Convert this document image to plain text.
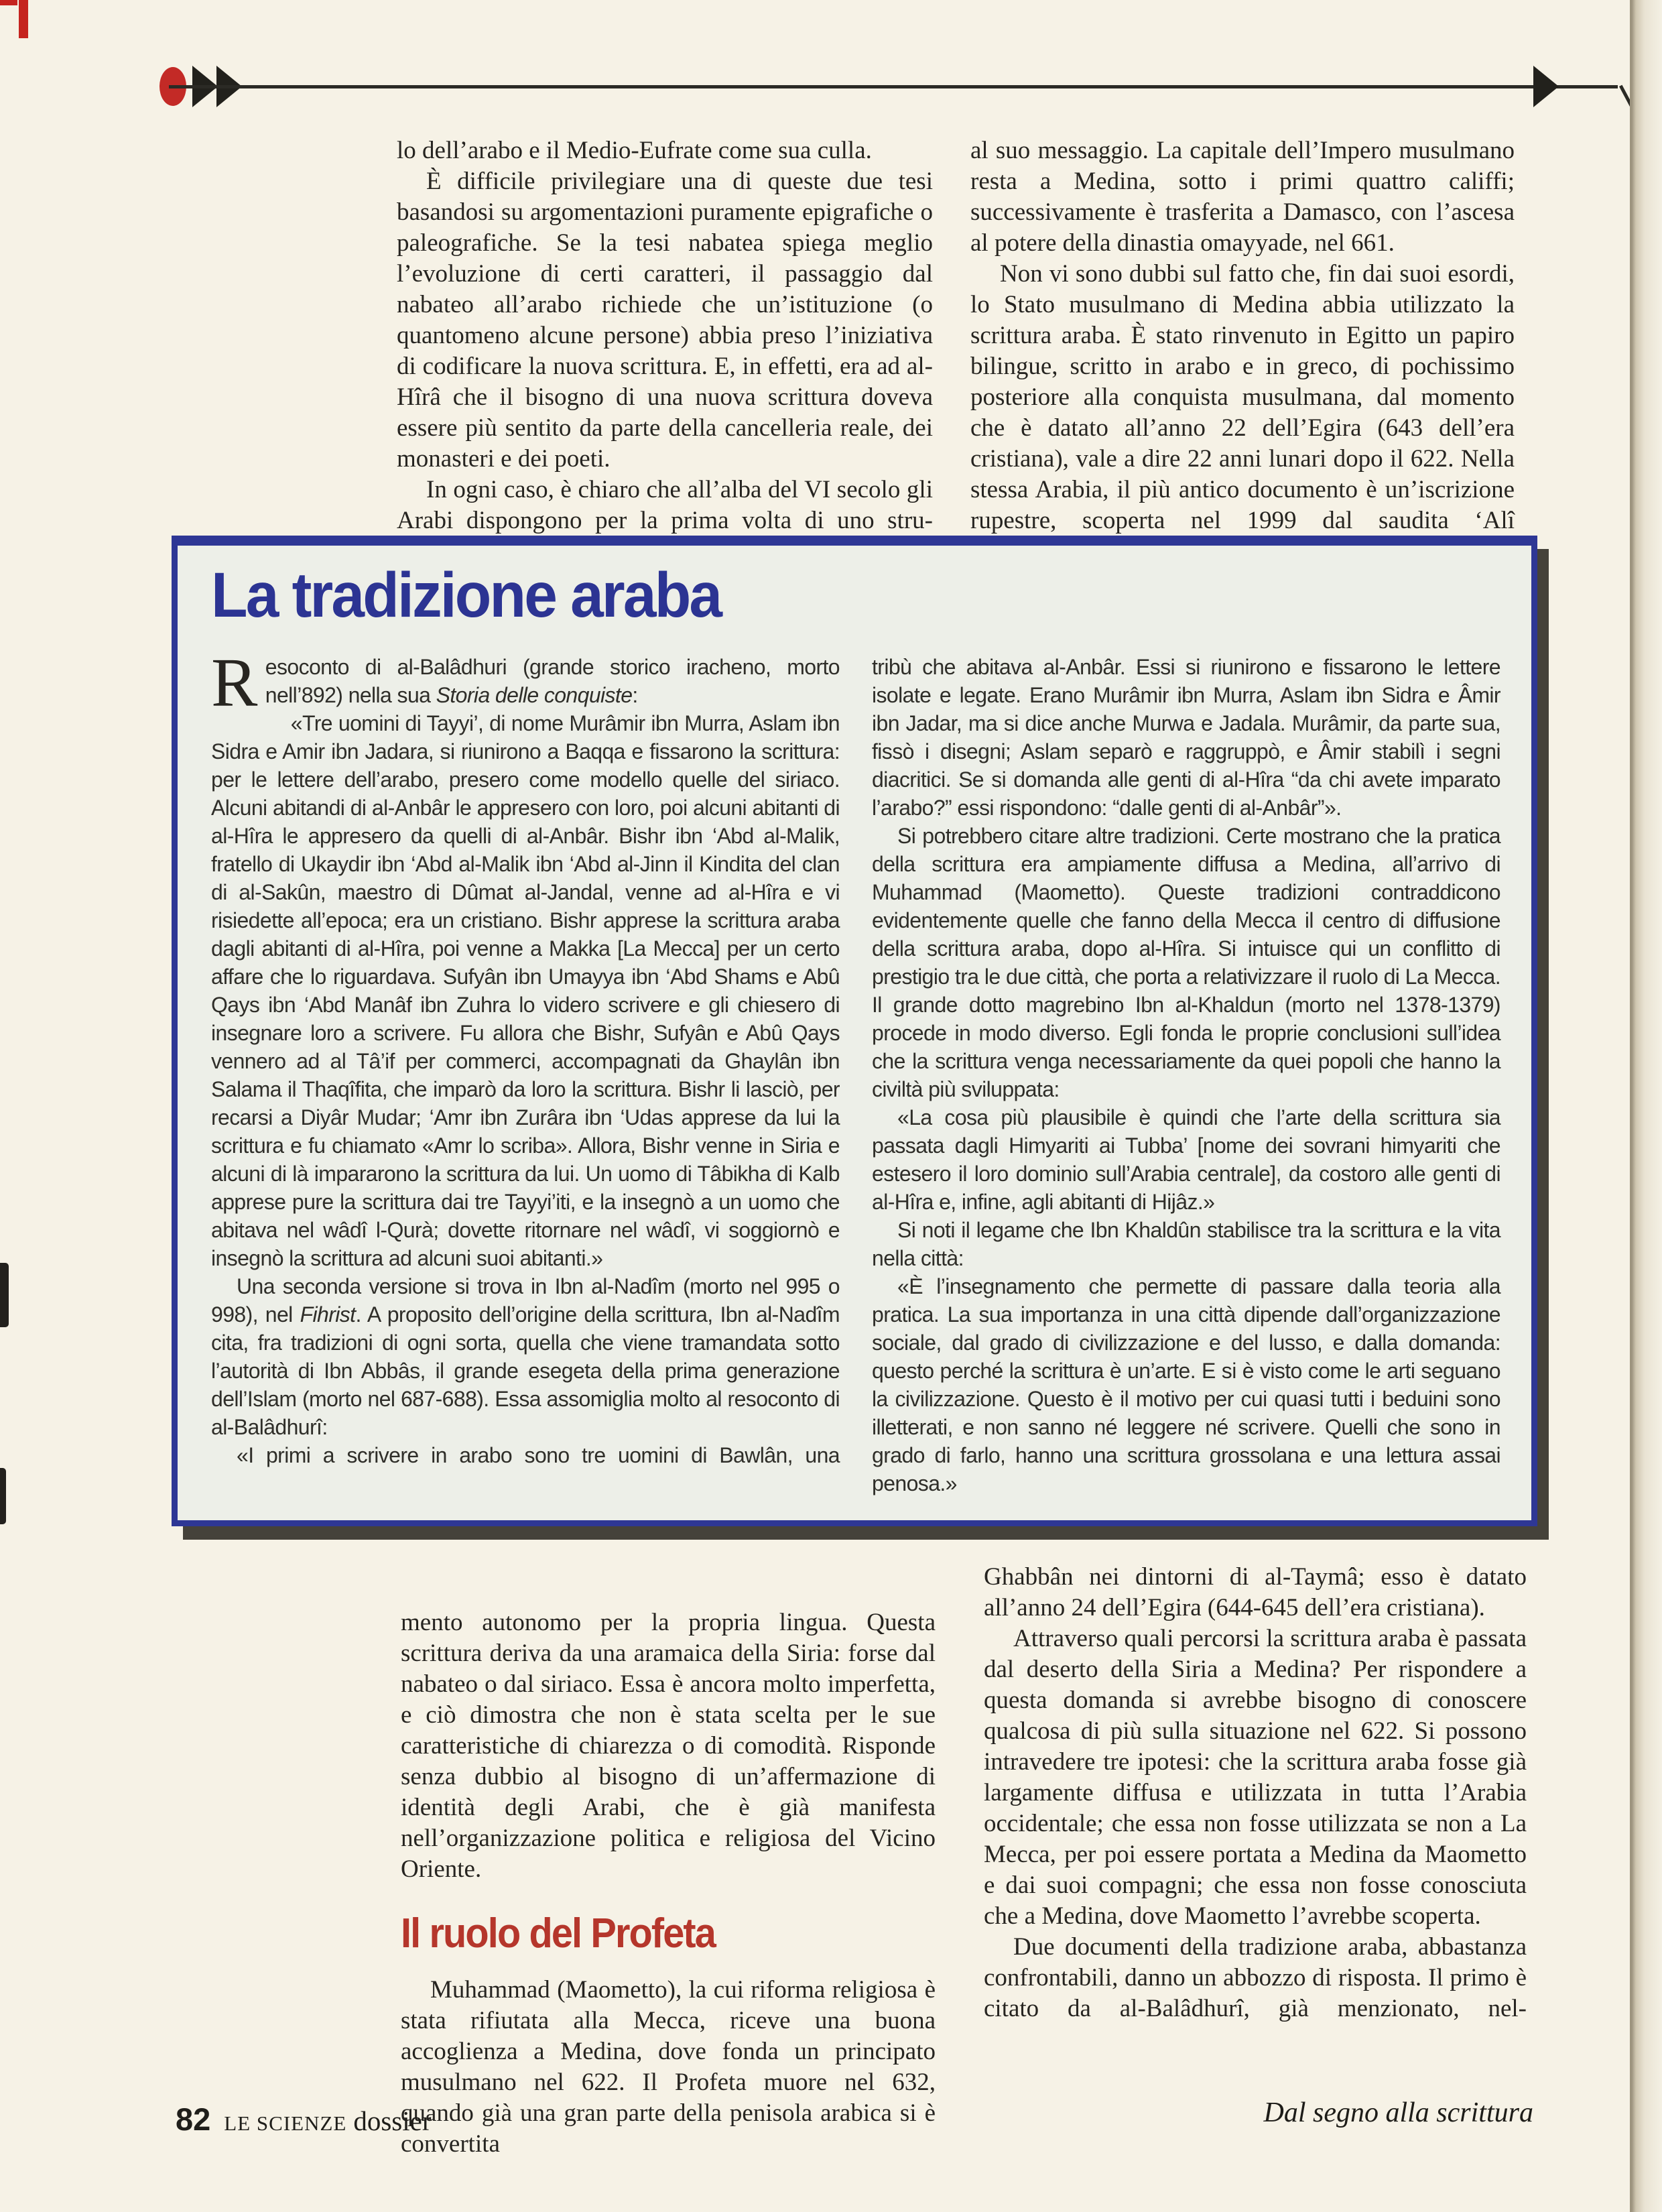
lo dell’arabo e il Medio-Eufrate come sua culla.

È difficile privilegiare una di queste due tesi basandosi su argomentazioni puramente epigrafiche o paleografiche. Se la tesi nabatea spiega meglio l’evoluzione di certi caratteri, il passaggio dal nabateo all’arabo richiede che un’istituzione (o quantomeno alcune persone) abbia preso l’iniziativa di codificare la nuova scrittura. E, in effetti, era ad al-Hîrâ che il bisogno di una nuova scrittura doveva essere più sentito da parte della cancelleria reale, dei monasteri e dei poeti.

In ogni caso, è chiaro che all’alba del VI secolo gli Arabi dispongono per la prima volta di uno stru-

al suo messaggio. La capitale dell’Impero musulmano resta a Medina, sotto i primi quattro califfi; successivamente è trasferita a Damasco, con l’ascesa al potere della dinastia omayyade, nel 661.

Non vi sono dubbi sul fatto che, fin dai suoi esordi, lo Stato musulmano di Medina abbia utilizzato la scrittura araba. È stato rinvenuto in Egitto un papiro bilingue, scritto in arabo e in greco, di pochissimo posteriore alla conquista musulmana, dal momento che è datato all’anno 22 dell’Egira (643 dell’era cristiana), vale a dire 22 anni lunari dopo il 622. Nella stessa Arabia, il più antico documento è un’iscrizione rupestre, scoperta nel 1999 dal saudita ‘Alî

La tradizione araba

Resoconto di al-Balâdhuri (grande storico iracheno, morto nell’892) nella sua Storia delle conquiste:

«Tre uomini di Tayyi’, di nome Murâmir ibn Murra, Aslam ibn Sidra e Amir ibn Jadara, si riunirono a Baqqa e fissarono la scrittura: per le lettere dell’arabo, presero come modello quelle del siriaco. Alcuni abitandi di al-Anbâr le appresero con loro, poi alcuni abitanti di al-Hîra le appresero da quelli di al-Anbâr. Bishr ibn ‘Abd al-Malik, fratello di Ukaydir ibn ‘Abd al-Malik ibn ‘Abd al-Jinn il Kindita del clan di al-Sakûn, maestro di Dûmat al-Jandal, venne ad al-Hîra e vi risiedette all’epoca; era un cristiano. Bishr apprese la scrittura araba dagli abitanti di al-Hîra, poi venne a Makka [La Mecca] per un certo affare che lo riguardava. Sufyân ibn Umayya ibn ‘Abd Shams e Abû Qays ibn ‘Abd Manâf ibn Zuhra lo videro scrivere e gli chiesero di insegnare loro a scrivere. Fu allora che Bishr, Sufyân e Abû Qays vennero ad al Tâ’if per commerci, accompagnati da Ghaylân ibn Salama il Thaqîfita, che imparò da loro la scrittura. Bishr li lasciò, per recarsi a Diyâr Mudar; ‘Amr ibn Zurâra ibn ‘Udas apprese da lui la scrittura e fu chiamato «Amr lo scriba». Allora, Bishr venne in Siria e alcuni di là impararono la scrittura da lui. Un uomo di Tâbikha di Kalb apprese pure la scrittura dai tre Tayyi’iti, e la insegnò a un uomo che abitava nel wâdî l-Qurà; dovette ritornare nel wâdî, vi soggiornò e insegnò la scrittura ad alcuni suoi abitanti.»

Una seconda versione si trova in Ibn al-Nadîm (morto nel 995 o 998), nel Fihrist. A proposito dell’origine della scrittura, Ibn al-Nadîm cita, fra tradizioni di ogni sorta, quella che viene tramandata sotto l’autorità di Ibn Abbâs, il grande esegeta della prima generazione dell’Islam (morto nel 687-688). Essa assomiglia molto al resoconto di al-Balâdhurî:

«I primi a scrivere in arabo sono tre uomini di Bawlân, una

tribù che abitava al-Anbâr. Essi si riunirono e fissarono le lettere isolate e legate. Erano Murâmir ibn Murra, Aslam ibn Sidra e Âmir ibn Jadar, ma si dice anche Murwa e Jadala. Murâmir, da parte sua, fissò i disegni; Aslam separò e raggruppò, e Âmir stabilì i segni diacritici. Se si domanda alle genti di al-Hîra “da chi avete imparato l’arabo?” essi rispondono: “dalle genti di al-Anbâr”».

Si potrebbero citare altre tradizioni. Certe mostrano che la pratica della scrittura era ampiamente diffusa a Medina, all’arrivo di Muhammad (Maometto). Queste tradizioni contraddicono evidentemente quelle che fanno della Mecca il centro di diffusione della scrittura araba, dopo al-Hîra. Si intuisce qui un conflitto di prestigio tra le due città, che porta a relativizzare il ruolo di La Mecca. Il grande dotto magrebino Ibn al-Khaldun (morto nel 1378-1379) procede in modo diverso. Egli fonda le proprie conclusioni sull’idea che la scrittura venga necessariamente da quei popoli che hanno la civiltà più sviluppata:

«La cosa più plausibile è quindi che l’arte della scrittura sia passata dagli Himyariti ai Tubba’ [nome dei sovrani himyariti che estesero il loro dominio sull’Arabia centrale], da costoro alle genti di al-Hîra e, infine, agli abitanti di Hijâz.»

Si noti il legame che Ibn Khaldûn stabilisce tra la scrittura e la vita nella città:

«È l’insegnamento che permette di passare dalla teoria alla pratica. La sua importanza in una città dipende dall’organizzazione sociale, dal grado di civilizzazione e del lusso, e dalla domanda: questo perché la scrittura è un’arte. E si è visto come le arti seguano la civilizzazione. Questo è il motivo per cui quasi tutti i beduini sono illetterati, e non sanno né leggere né scrivere. Quelli che sono in grado di farlo, hanno una scrittura grossolana e una lettura assai penosa.»

mento autonomo per la propria lingua. Questa scrittura deriva da una aramaica della Siria: forse dal nabateo o dal siriaco. Essa è ancora molto imperfetta, e ciò dimostra che non è stata scelta per le sue caratteristiche di chiarezza o di comodità. Risponde senza dubbio al bisogno di un’affermazione di identità degli Arabi, che è già manifesta nell’organizzazione politica e religiosa del Vicino Oriente.

Il ruolo del Profeta

Muhammad (Maometto), la cui riforma religiosa è stata rifiutata alla Mecca, riceve una buona accoglienza a Medina, dove fonda un principato musulmano nel 622. Il Profeta muore nel 632, quando già una gran parte della penisola arabica si è convertita

Ghabbân nei dintorni di al-Taymâ; esso è datato all’anno 24 dell’Egira (644-645 dell’era cristiana).

Attraverso quali percorsi la scrittura araba è passata dal deserto della Siria a Medina? Per rispondere a questa domanda si avrebbe bisogno di conoscere qualcosa di più sulla situazione nel 622. Si possono intravedere tre ipotesi: che la scrittura araba fosse già largamente diffusa e utilizzata in tutta l’Arabia occidentale; che essa non fosse utilizzata se non a La Mecca, per poi essere portata a Medina da Maometto e dai suoi compagni; che essa non fosse conosciuta che a Medina, dove Maometto l’avrebbe scoperta.

Due documenti della tradizione araba, abbastanza confrontabili, danno un abbozzo di risposta. Il primo è citato da al-Balâdhurî, già menzionato, nel-

82 LE SCIENZE dossier	Dal segno alla scrittura
